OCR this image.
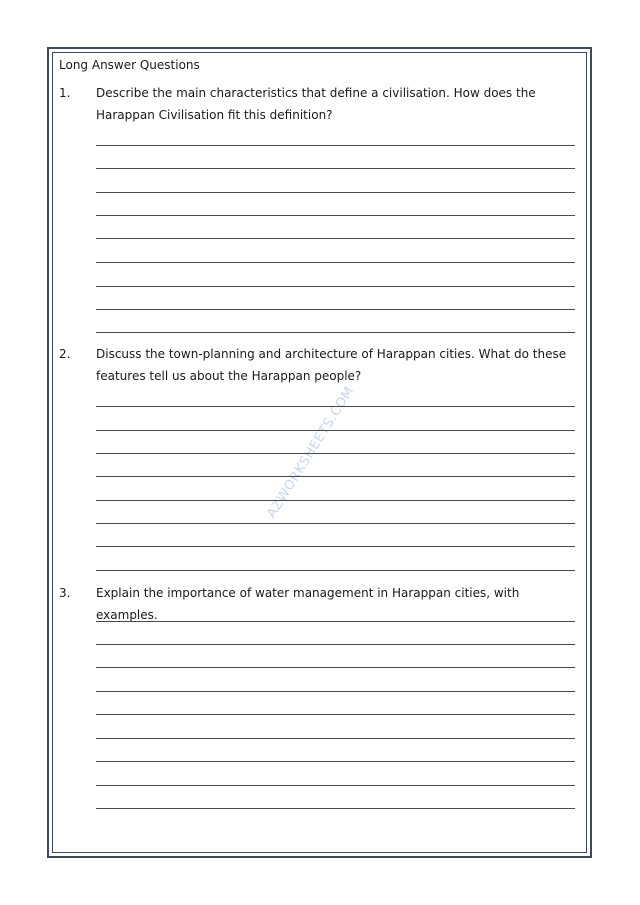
Long Answer Questions
AZWORKSHEETS.COM
1. Describe the main characteristics that define a civilisation. How does the Harappan Civilisation fit this definition?
2. Discuss the town-planning and architecture of Harappan cities. What do these features tell us about the Harappan people?
3. Explain the importance of water management in Harappan cities, with examples.
